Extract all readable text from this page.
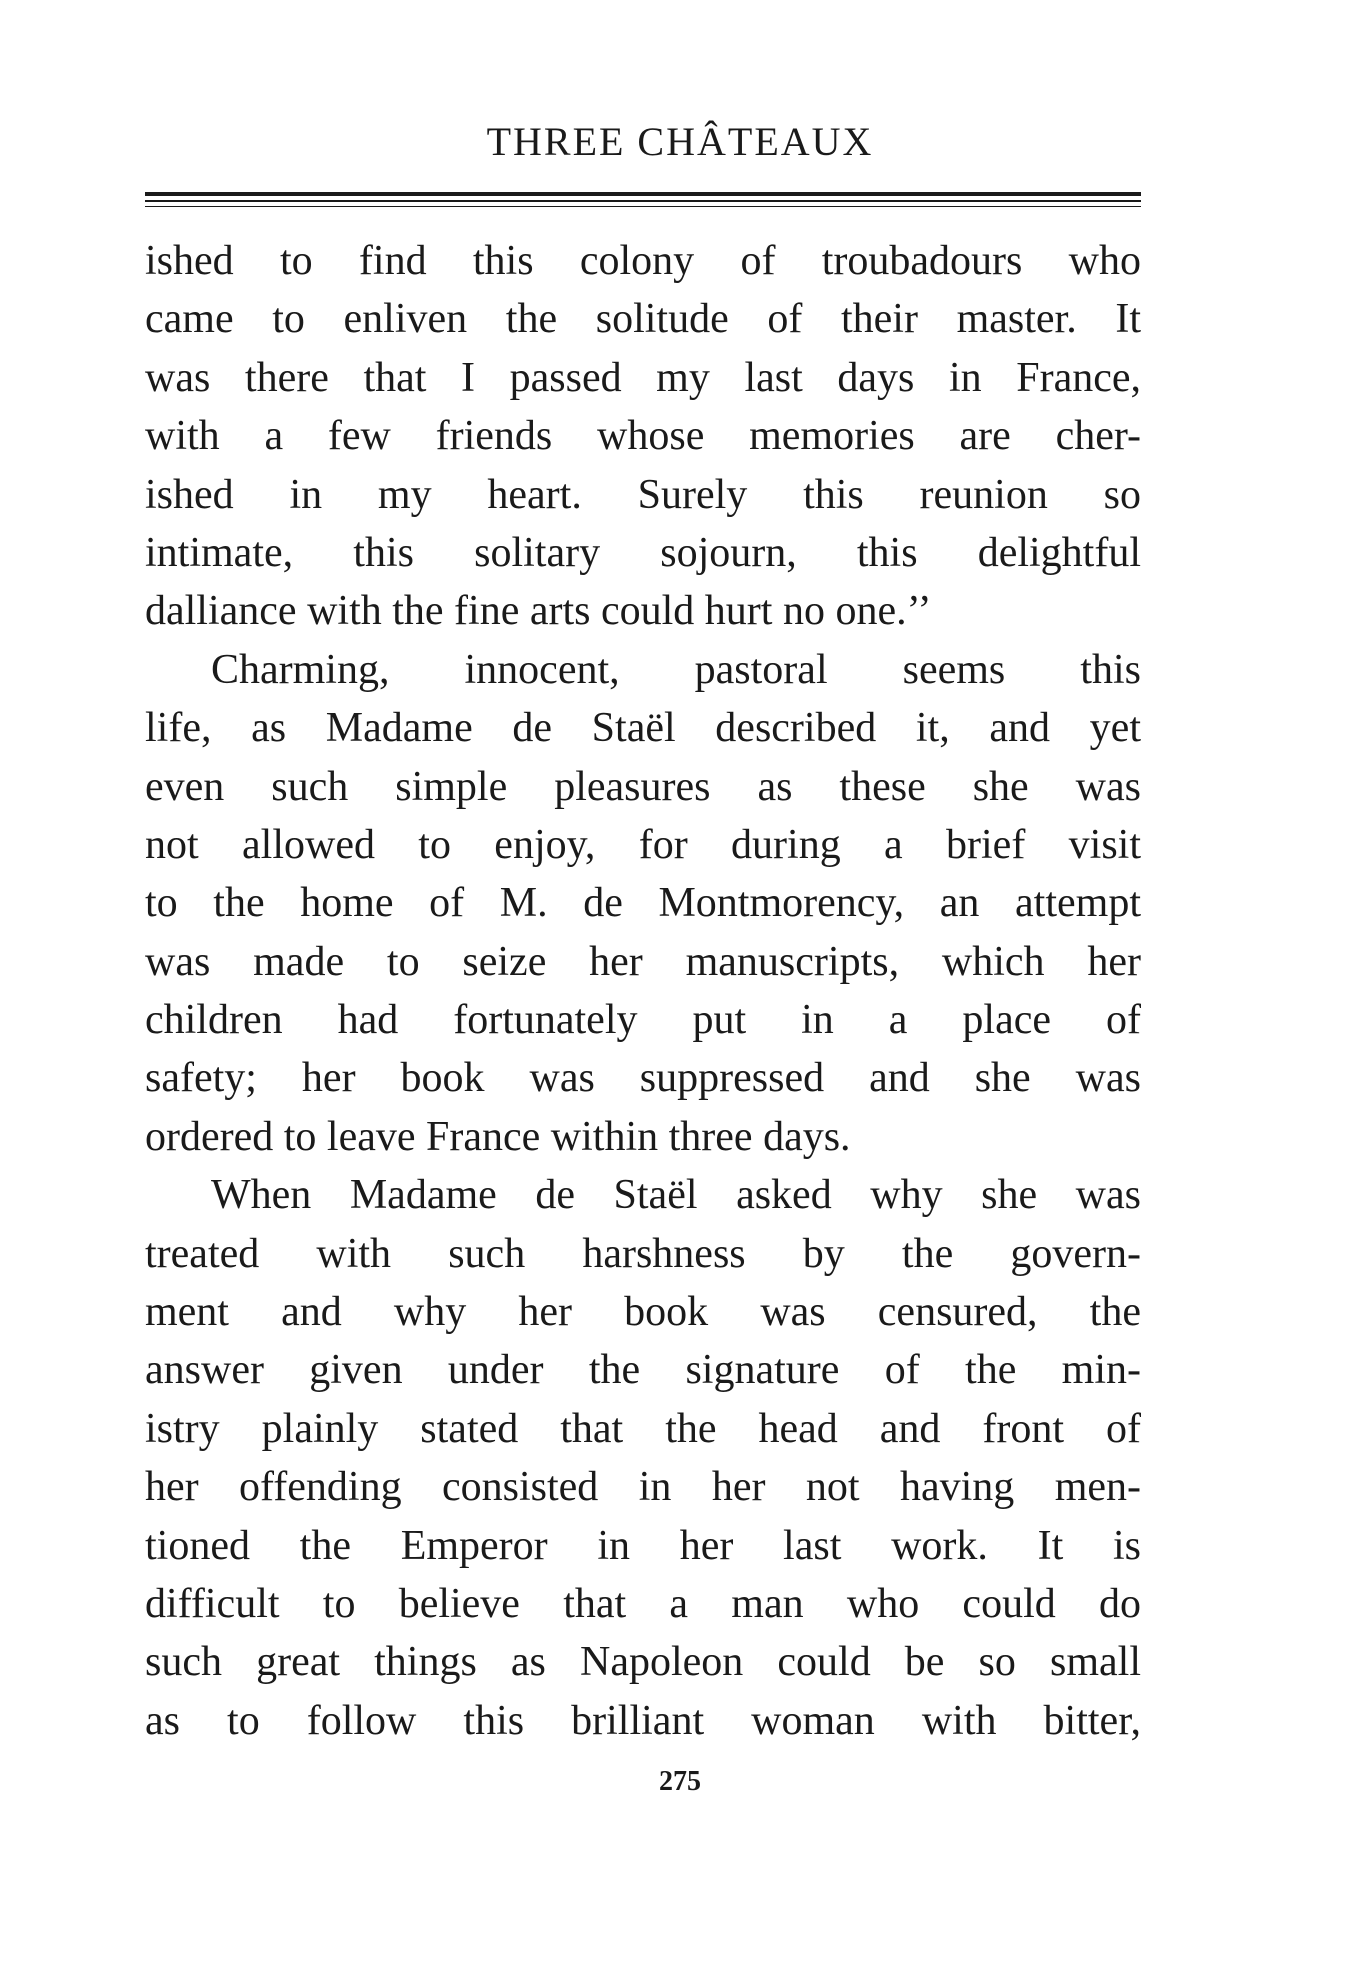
THREE CHÂTEAUX
ished to find this colony of troubadours who
came to enliven the solitude of their master. It
was there that I passed my last days in France,
with a few friends whose memories are cher-
ished in my heart. Surely this reunion so
intimate, this solitary sojourn, this delightful
dalliance with the fine arts could hurt no one.’’
Charming, innocent, pastoral seems this
life, as Madame de Staël described it, and yet
even such simple pleasures as these she was
not allowed to enjoy, for during a brief visit
to the home of M. de Montmorency, an attempt
was made to seize her manuscripts, which her
children had fortunately put in a place of
safety; her book was suppressed and she was
ordered to leave France within three days.
When Madame de Staël asked why she was
treated with such harshness by the govern-
ment and why her book was censured, the
answer given under the signature of the min-
istry plainly stated that the head and front of
her offending consisted in her not having men-
tioned the Emperor in her last work. It is
difficult to believe that a man who could do
such great things as Napoleon could be so small
as to follow this brilliant woman with bitter,
275
